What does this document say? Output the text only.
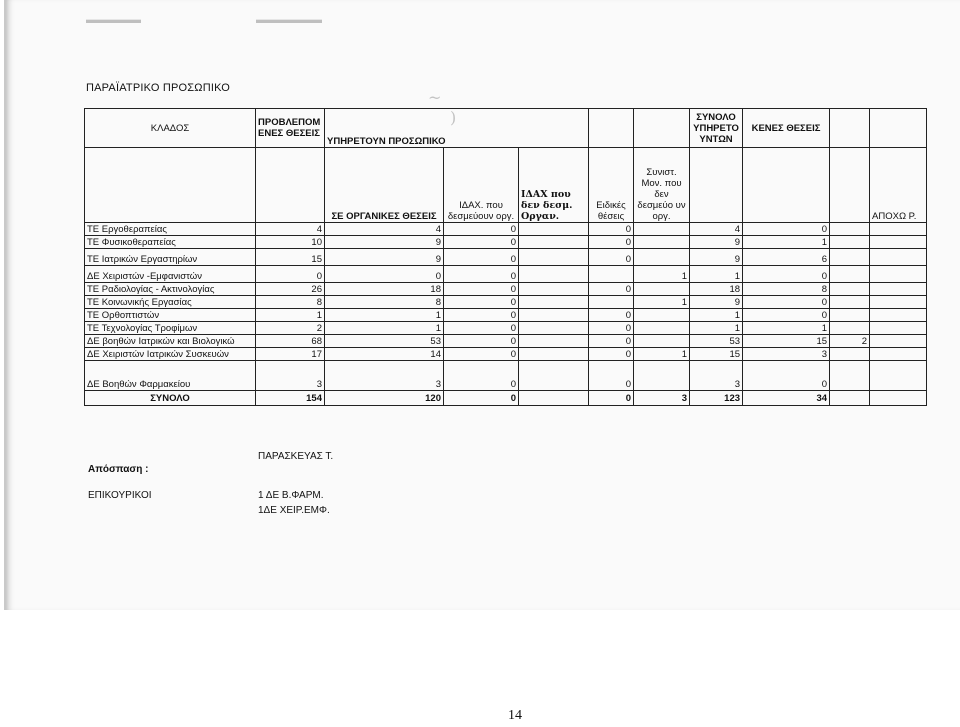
▬▬▬▬▬	▬▬▬▬▬▬
~
)
ΠΑΡΑΪΑΤΡΙΚΟ ΠΡΟΣΩΠΙΚΟ
ΚΛΑΔΟΣ	ΠΡΟΒΛΕΠΟΜ ΕΝΕΣ ΘΕΣΕΙΣ	ΥΠΗΡΕΤΟΥΝ ΠΡΟΣΩΠΙΚΟ					ΣΥΝΟΛΟ ΥΠΗΡΕΤΟ ΥΝΤΩΝ	ΚΕΝΕΣ ΘΕΣΕΙΣ		
		ΣΕ ΟΡΓΑΝΙΚΕΣ ΘΕΣΕΙΣ	ΙΔΑΧ. που δεσμεύουν οργ.	ΙΔΑΧ που δεν δεσμ. Οργαν.	Ειδικές θέσεις	Συνιστ. Μον. που δεν δεσμεύο υν οργ.				ΑΠΟΧΩ Ρ.
ΤΕ Εργοθεραπείας	4	4	0		0		4	0		
ΤΕ Φυσικοθεραπείας	10	9	0		0		9	1		
ΤΕ Ιατρικών Εργαστηρίων	15	9	0		0		9	6		
ΔΕ Χειριστών -Εμφανιστών	0	0	0			1	1	0		
ΤΕ Ραδιολογίας - Ακτινολογίας	26	18	0		0		18	8		
ΤΕ Κοινωνικής Εργασίας	8	8	0			1	9	0		
ΤΕ Ορθοπτιστών	1	1	0		0		1	0		
ΤΕ Τεχνολογίας Τροφίμων	2	1	0		0		1	1		
ΔΕ βοηθών Ιατρικών και Βιολογικώ	68	53	0		0		53	15	2	
ΔΕ Χειριστών Ιατρικών Συσκευών	17	14	0		0	1	15	3		
ΔΕ Βοηθών Φαρμακείου	3	3	0		0		3	0		
ΣΥΝΟΛΟ	154	120	0		0	3	123	34		
Απόσπαση :
ΠΑΡΑΣΚΕΥΑΣ Τ.
ΕΠΙΚΟΥΡΙΚΟΙ	1 ΔΕ Β.ΦΑΡΜ.
1ΔΕ ΧΕΙΡ.ΕΜΦ.
14
